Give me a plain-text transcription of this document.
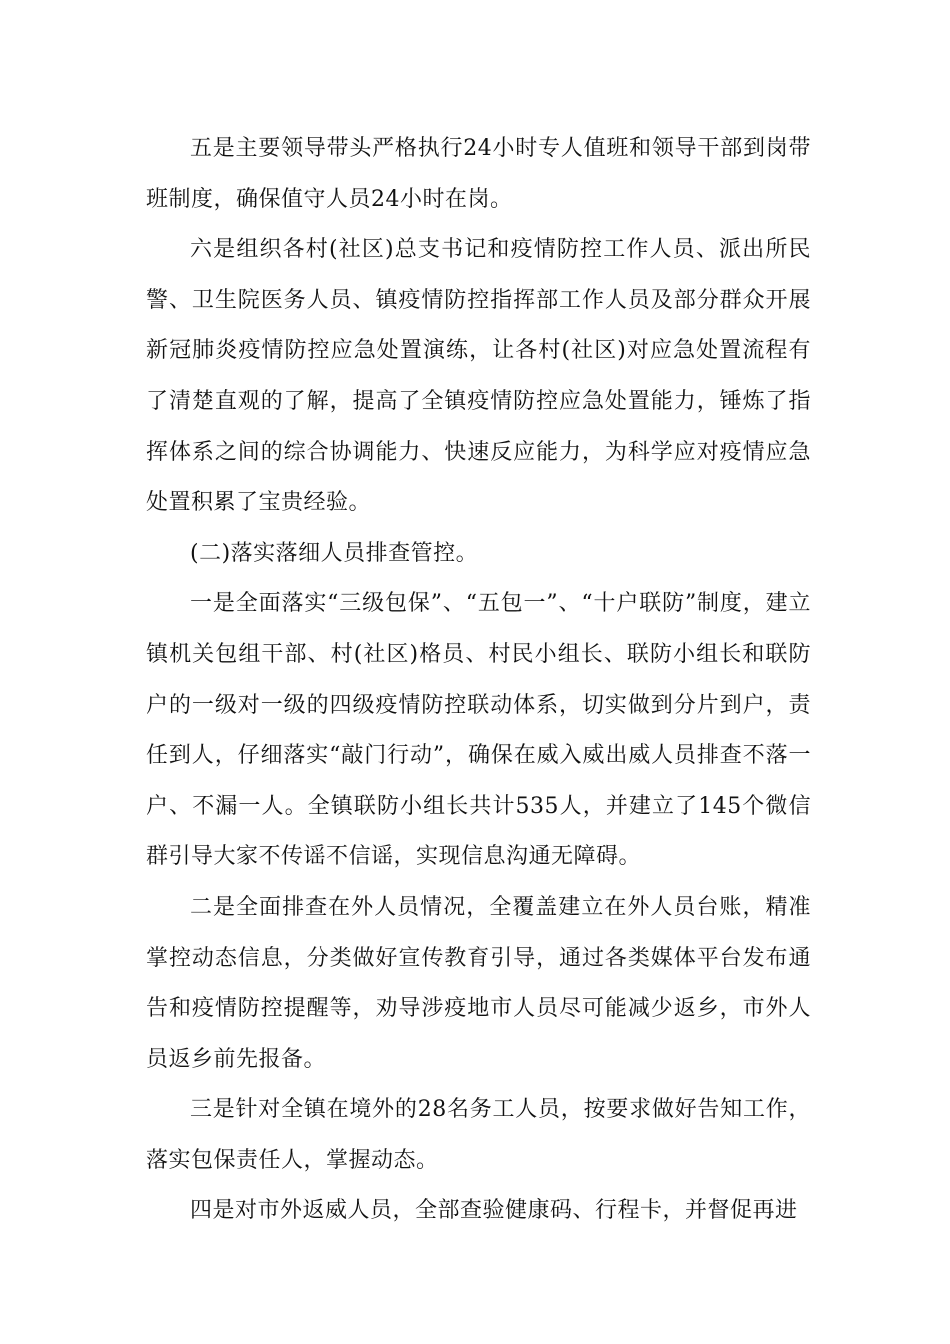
五是主要领导带头严格执行24小时专人值班和领导干部到岗带班制度，确保值守人员24小时在岗。

六是组织各村(社区)总支书记和疫情防控工作人员、派出所民警、卫生院医务人员、镇疫情防控指挥部工作人员及部分群众开展新冠肺炎疫情防控应急处置演练，让各村(社区)对应急处置流程有了清楚直观的了解，提高了全镇疫情防控应急处置能力，锤炼了指挥体系之间的综合协调能力、快速反应能力，为科学应对疫情应急处置积累了宝贵经验。

(二)落实落细人员排查管控。

一是全面落实“三级包保”、“五包一”、“十户联防”制度，建立镇机关包组干部、村(社区)格员、村民小组长、联防小组长和联防户的一级对一级的四级疫情防控联动体系，切实做到分片到户，责任到人，仔细落实“敲门行动”，确保在威入威出威人员排查不落一户、不漏一人。全镇联防小组长共计535人，并建立了145个微信群引导大家不传谣不信谣，实现信息沟通无障碍。

二是全面排查在外人员情况，全覆盖建立在外人员台账，精准掌控动态信息，分类做好宣传教育引导，通过各类媒体平台发布通告和疫情防控提醒等，劝导涉疫地市人员尽可能减少返乡，市外人员返乡前先报备。

三是针对全镇在境外的28名务工人员，按要求做好告知工作，落实包保责任人，掌握动态。

四是对市外返威人员，全部查验健康码、行程卡，并督促再进
